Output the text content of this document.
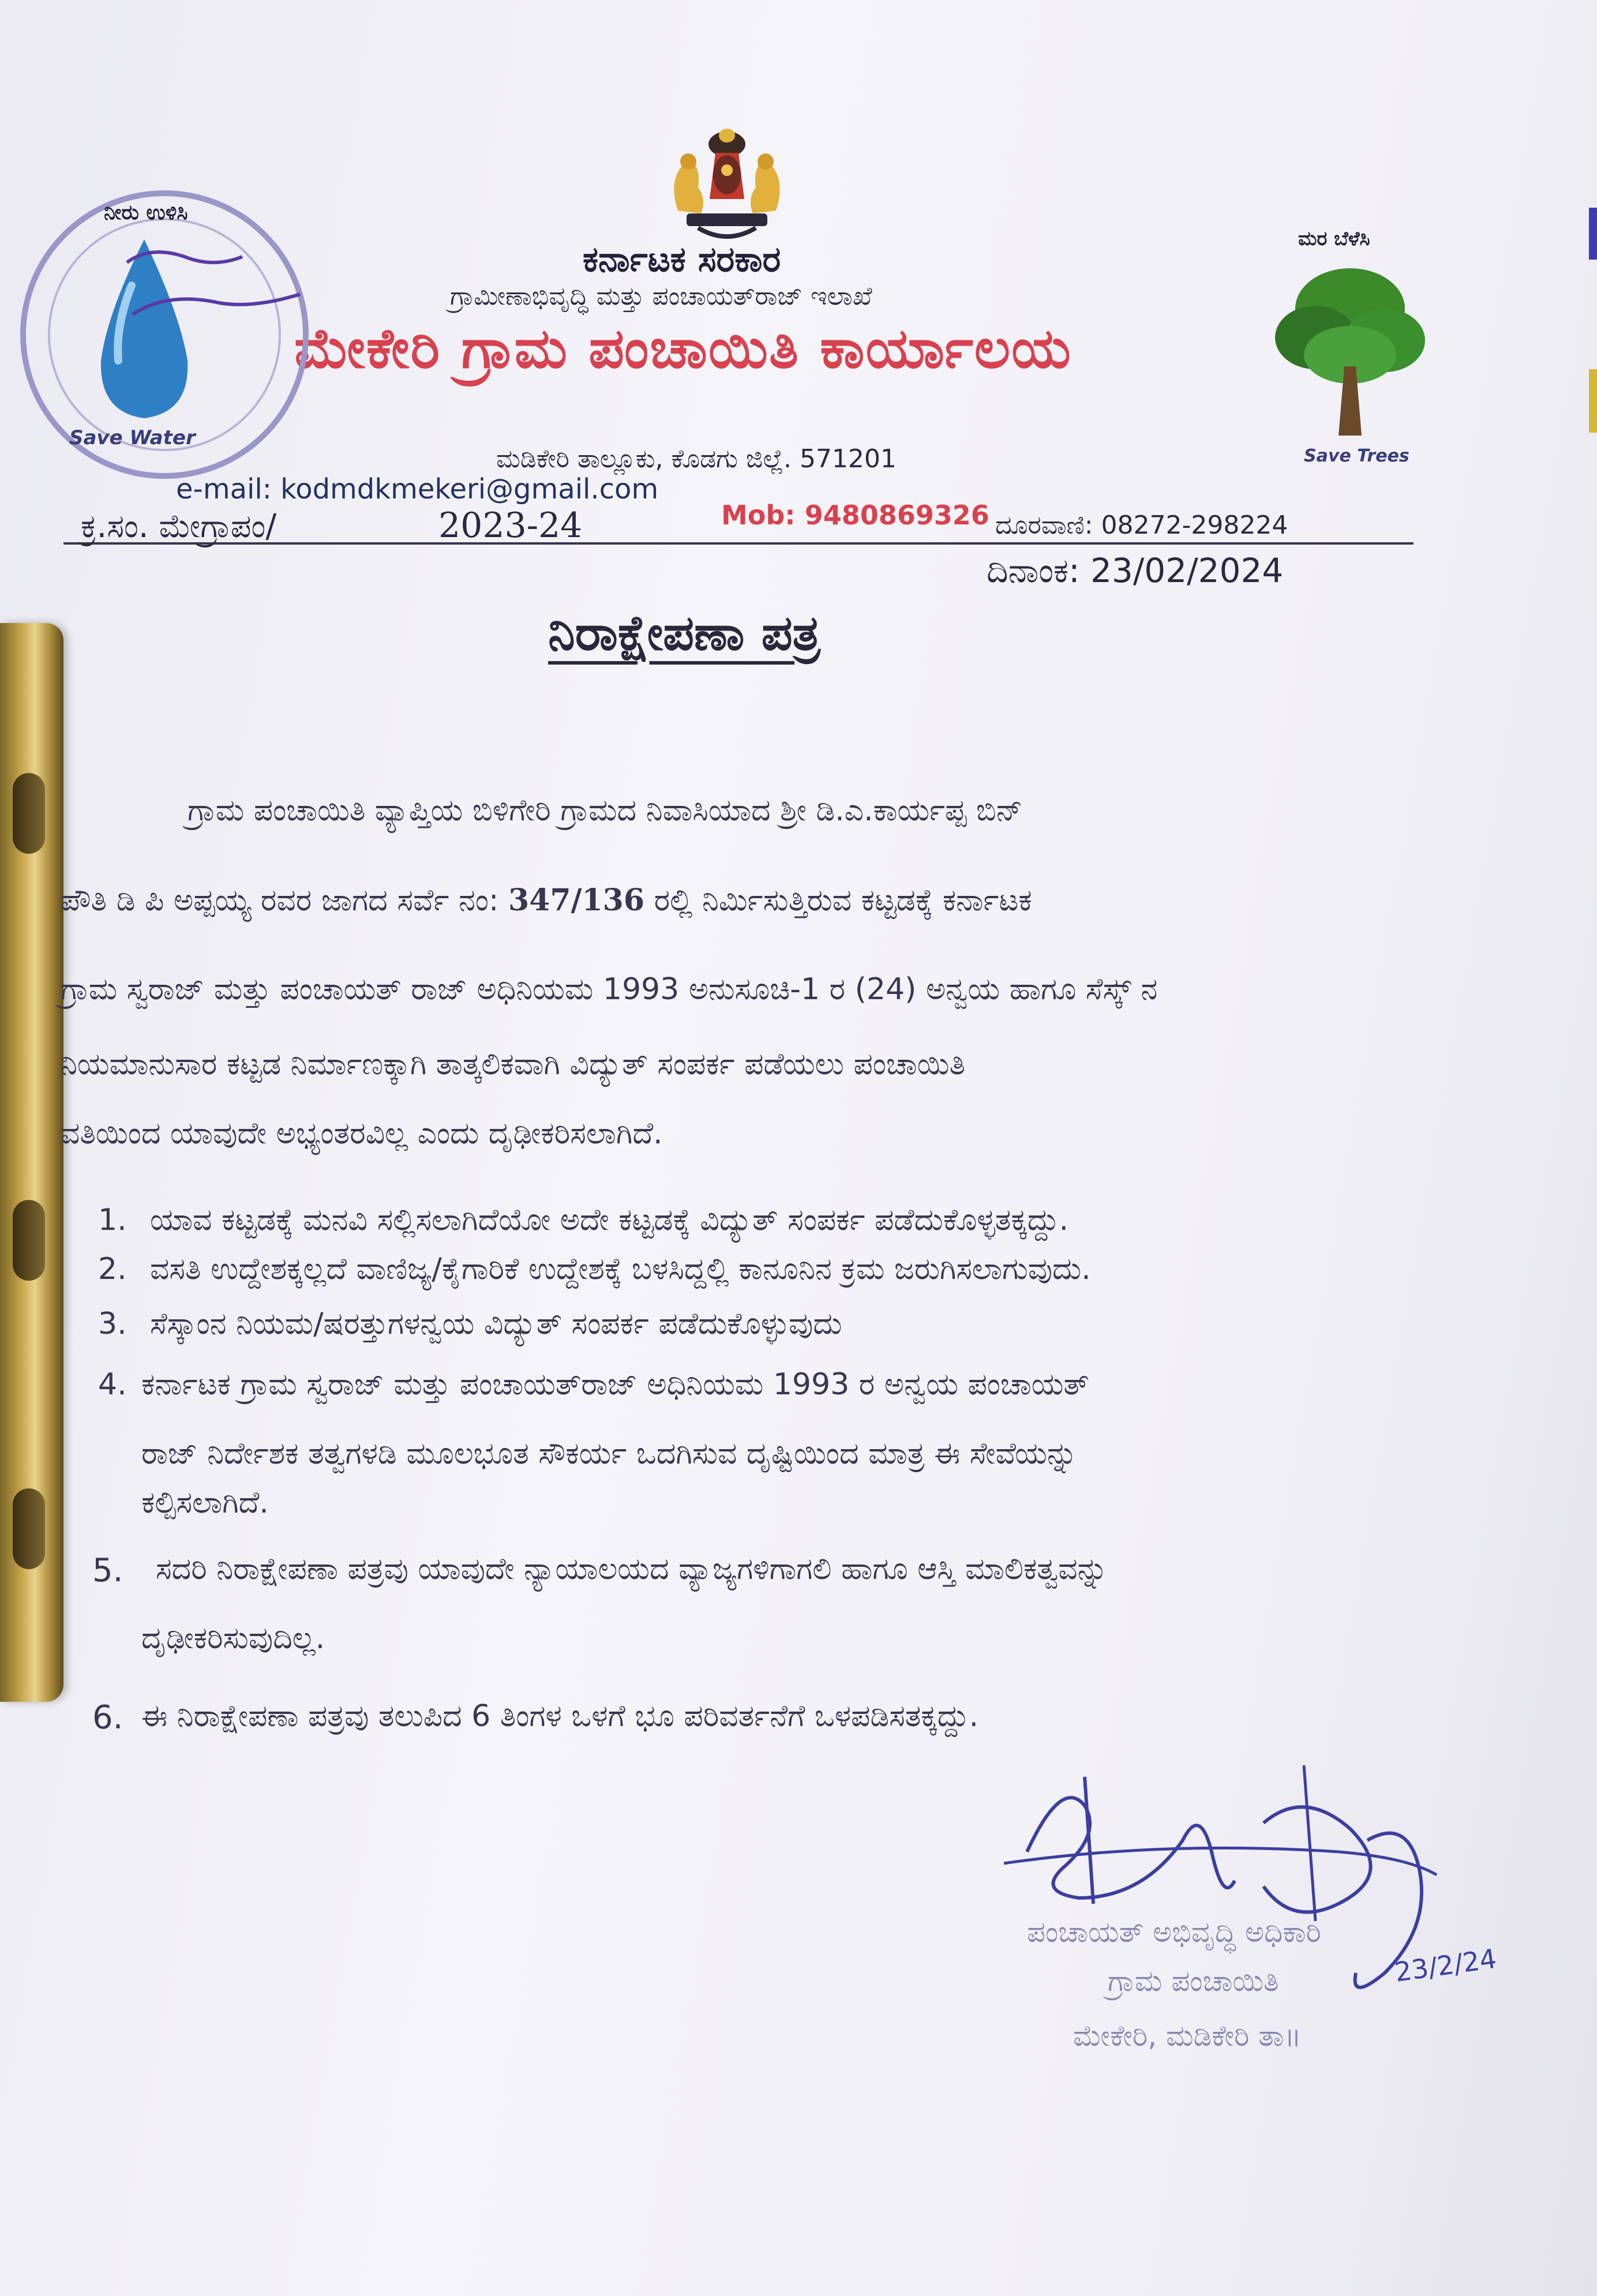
ಕರ್ನಾಟಕ ಸರಕಾರ
ಗ್ರಾಮೀಣಾಭಿವೃದ್ಧಿ ಮತ್ತು ಪಂಚಾಯತ್‌ರಾಜ್ ಇಲಾಖೆ
ಮೇಕೇರಿ ಗ್ರಾಮ ಪಂಚಾಯಿತಿ ಕಾರ್ಯಾಲಯ
ಮಡಿಕೇರಿ ತಾಲ್ಲೂಕು, ಕೊಡಗು ಜಿಲ್ಲೆ. 571201
e-mail: kodmdkmekeri@gmail.com
Mob: 9480869326 ದೂರವಾಣಿ: 08272-298224
ನೀರು ಉಳಿಸಿ
Save Water
ಮರ ಬೆಳೆಸಿ
Save Trees
ಕ್ರ.ಸಂ. ಮೇಗ್ರಾಪಂ/	2023-24
ದಿನಾಂಕ: 23/02/2024
ನಿರಾಕ್ಷೇಪಣಾ ಪತ್ರ
ಗ್ರಾಮ ಪಂಚಾಯಿತಿ ವ್ಯಾಪ್ತಿಯ ಬಿಳಿಗೇರಿ ಗ್ರಾಮದ ನಿವಾಸಿಯಾದ ಶ್ರೀ ಡಿ.ಎ.ಕಾರ್ಯಪ್ಪ ಬಿನ್
ಪೌತಿ ಡಿ ಪಿ ಅಪ್ಪಯ್ಯ ರವರ ಜಾಗದ ಸರ್ವೆ ನಂ: 347/136 ರಲ್ಲಿ ನಿರ್ಮಿಸುತ್ತಿರುವ ಕಟ್ಟಡಕ್ಕೆ ಕರ್ನಾಟಕ
ಗ್ರಾಮ ಸ್ವರಾಜ್ ಮತ್ತು ಪಂಚಾಯತ್ ರಾಜ್ ಅಧಿನಿಯಮ 1993 ಅನುಸೂಚಿ-1 ರ (24) ಅನ್ವಯ ಹಾಗೂ ಸೆಸ್ಕ್ ನ
ನಿಯಮಾನುಸಾರ ಕಟ್ಟಡ ನಿರ್ಮಾಣಕ್ಕಾಗಿ ತಾತ್ಕಲಿಕವಾಗಿ ವಿದ್ಯುತ್ ಸಂಪರ್ಕ ಪಡೆಯಲು ಪಂಚಾಯಿತಿ
ವತಿಯಿಂದ ಯಾವುದೇ ಅಭ್ಯಂತರವಿಲ್ಲ ಎಂದು ದೃಢೀಕರಿಸಲಾಗಿದೆ.
1. ಯಾವ ಕಟ್ಟಡಕ್ಕೆ ಮನವಿ ಸಲ್ಲಿಸಲಾಗಿದೆಯೋ ಅದೇ ಕಟ್ಟಡಕ್ಕೆ ವಿದ್ಯುತ್ ಸಂಪರ್ಕ ಪಡೆದುಕೊಳ್ಳತಕ್ಕದ್ದು.
2. ವಸತಿ ಉದ್ದೇಶಕ್ಕಲ್ಲದೆ ವಾಣಿಜ್ಯ/ಕೈಗಾರಿಕೆ ಉದ್ದೇಶಕ್ಕೆ ಬಳಸಿದ್ದಲ್ಲಿ ಕಾನೂನಿನ ಕ್ರಮ ಜರುಗಿಸಲಾಗುವುದು.
3. ಸೆಸ್ಕಾಂನ ನಿಯಮ/ಷರತ್ತುಗಳನ್ವಯ ವಿದ್ಯುತ್ ಸಂಪರ್ಕ ಪಡೆದುಕೊಳ್ಳುವುದು
4. ಕರ್ನಾಟಕ ಗ್ರಾಮ ಸ್ವರಾಜ್ ಮತ್ತು ಪಂಚಾಯತ್‌ರಾಜ್ ಅಧಿನಿಯಮ 1993 ರ ಅನ್ವಯ ಪಂಚಾಯತ್
ರಾಜ್ ನಿರ್ದೇಶಕ ತತ್ವಗಳಡಿ ಮೂಲಭೂತ ಸೌಕರ್ಯ ಒದಗಿಸುವ ದೃಷ್ಟಿಯಿಂದ ಮಾತ್ರ ಈ ಸೇವೆಯನ್ನು
ಕಲ್ಪಿಸಲಾಗಿದೆ.
5. ಸದರಿ ನಿರಾಕ್ಷೇಪಣಾ ಪತ್ರವು ಯಾವುದೇ ನ್ಯಾಯಾಲಯದ ವ್ಯಾಜ್ಯಗಳಿಗಾಗಲಿ ಹಾಗೂ ಆಸ್ತಿ ಮಾಲಿಕತ್ವವನ್ನು
ದೃಢೀಕರಿಸುವುದಿಲ್ಲ.
6. ಈ ನಿರಾಕ್ಷೇಪಣಾ ಪತ್ರವು ತಲುಪಿದ 6 ತಿಂಗಳ ಒಳಗೆ ಭೂ ಪರಿವರ್ತನೆಗೆ ಒಳಪಡಿಸತಕ್ಕದ್ದು.
23/2/24
ಪಂಚಾಯತ್ ಅಭಿವೃದ್ಧಿ ಅಧಿಕಾರಿ
ಗ್ರಾಮ ಪಂಚಾಯಿತಿ
ಮೇಕೇರಿ, ಮಡಿಕೇರಿ ತಾ॥
